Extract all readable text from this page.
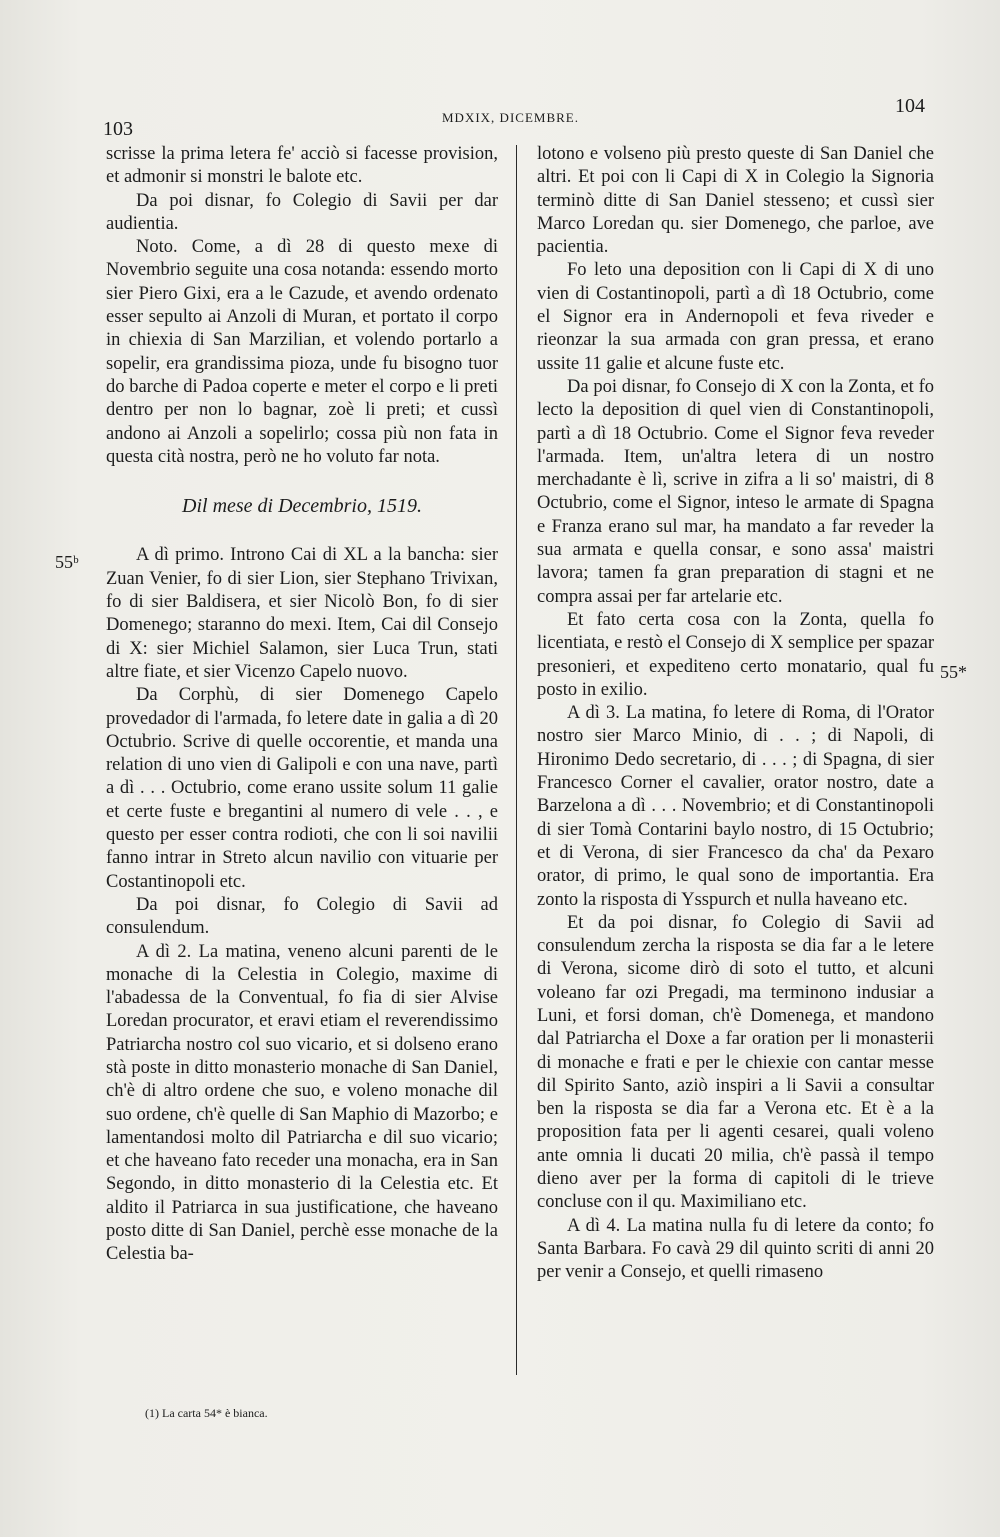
103
MDXIX, DICEMBRE.
104

scrisse la prima letera fe' acciò si facesse provision, et admonir si monstri le balote etc.

Da poi disnar, fo Colegio di Savii per dar audientia.

Noto. Come, a dì 28 di questo mexe di Novembrio seguite una cosa notanda: essendo morto sier Piero Gixi, era a le Cazude, et avendo ordenato esser sepulto ai Anzoli di Muran, et portato il corpo in chiexia di San Marzilian, et volendo portarlo a sopelir, era grandissima pioza, unde fu bisogno tuor do barche di Padoa coperte e meter el corpo e li preti dentro per non lo bagnar, zoè li preti; et cussì andono ai Anzoli a sopelirlo; cossa più non fata in questa cità nostra, però ne ho voluto far nota.

Dil mese di Decembrio, 1519.

A dì primo. Introno Cai di XL a la bancha: sier Zuan Venier, fo di sier Lion, sier Stephano Trivixan, fo di sier Baldisera, et sier Nicolò Bon, fo di sier Domenego; staranno do mexi. Item, Cai dil Consejo di X: sier Michiel Salamon, sier Luca Trun, stati altre fiate, et sier Vicenzo Capelo nuovo.

Da Corphù, di sier Domenego Capelo provedador di l'armada, fo letere date in galia a dì 20 Octubrio. Scrive di quelle occorentie, et manda una relation di uno vien di Galipoli e con una nave, partì a dì . . . Octubrio, come erano ussite solum 11 galie et certe fuste e bregantini al numero di vele . . , e questo per esser contra rodioti, che con li soi navilii fanno intrar in Streto alcun navilio con vituarie per Costantinopoli etc.

Da poi disnar, fo Colegio di Savii ad consulendum.

A dì 2. La matina, veneno alcuni parenti de le monache di la Celestia in Colegio, maxime di l'abadessa de la Conventual, fo fia di sier Alvise Loredan procurator, et eravi etiam el reverendissimo Patriarcha nostro col suo vicario, et si dolseno erano stà poste in ditto monasterio monache di San Daniel, ch'è di altro ordene che suo, e voleno monache dil suo ordene, ch'è quelle di San Maphio di Mazorbo; e lamentandosi molto dil Patriarcha e dil suo vicario; et che haveano fato receder una monacha, era in San Segondo, in ditto monasterio di la Celestia etc. Et aldito il Patriarca in sua justificatione, che haveano posto ditte di San Daniel, perchè esse monache de la Celestia ba-

lotono e volseno più presto queste di San Daniel che altri. Et poi con li Capi di X in Colegio la Signoria terminò ditte di San Daniel stesseno; et cussì sier Marco Loredan qu. sier Domenego, che parloe, ave pacientia.

Fo leto una deposition con li Capi di X di uno vien di Costantinopoli, partì a dì 18 Octubrio, come el Signor era in Andernopoli et feva riveder e rieonzar la sua armada con gran pressa, et erano ussite 11 galie et alcune fuste etc.

Da poi disnar, fo Consejo di X con la Zonta, et fo lecto la deposition di quel vien di Constantinopoli, partì a dì 18 Octubrio. Come el Signor feva reveder l'armada. Item, un'altra letera di un nostro merchadante è lì, scrive in zifra a li so' maistri, di 8 Octubrio, come el Signor, inteso le armate di Spagna e Franza erano sul mar, ha mandato a far reveder la sua armata e quella consar, e sono assa' maistri lavora; tamen fa gran preparation di stagni et ne compra assai per far artelarie etc.

Et fato certa cosa con la Zonta, quella fo licentiata, e restò el Consejo di X semplice per spazar presonieri, et expediteno certo monatario, qual fu posto in exilio.

A dì 3. La matina, fo letere di Roma, di l'Orator nostro sier Marco Minio, di . . ; di Napoli, di Hironimo Dedo secretario, di . . . ; di Spagna, di sier Francesco Corner el cavalier, orator nostro, date a Barzelona a dì . . . Novembrio; et di Constantinopoli di sier Tomà Contarini baylo nostro, di 15 Octubrio; et di Verona, di sier Francesco da cha' da Pexaro orator, di primo, le qual sono de importantia. Era zonto la risposta di Ysspurch et nulla haveano etc.

Et da poi disnar, fo Colegio di Savii ad consulendum zercha la risposta se dia far a le letere di Verona, sicome dirò di soto el tutto, et alcuni voleano far ozi Pregadi, ma terminono indusiar a Luni, et forsi doman, ch'è Domenega, et mandono dal Patriarcha el Doxe a far oration per li monasterii di monache e frati e per le chiexie con cantar messe dil Spirito Santo, aziò inspiri a li Savii a consultar ben la risposta se dia far a Verona etc. Et è a la proposition fata per li agenti cesarei, quali voleno ante omnia li ducati 20 milia, ch'è passà il tempo dieno aver per la forma di capitoli di le trieve concluse con il qu. Maximiliano etc.

A dì 4. La matina nulla fu di letere da conto; fo Santa Barbara. Fo cavà 29 dil quinto scriti di anni 20 per venir a Consejo, et quelli rimaseno

55ᵇ
55*
(1) La carta 54* è bianca.
